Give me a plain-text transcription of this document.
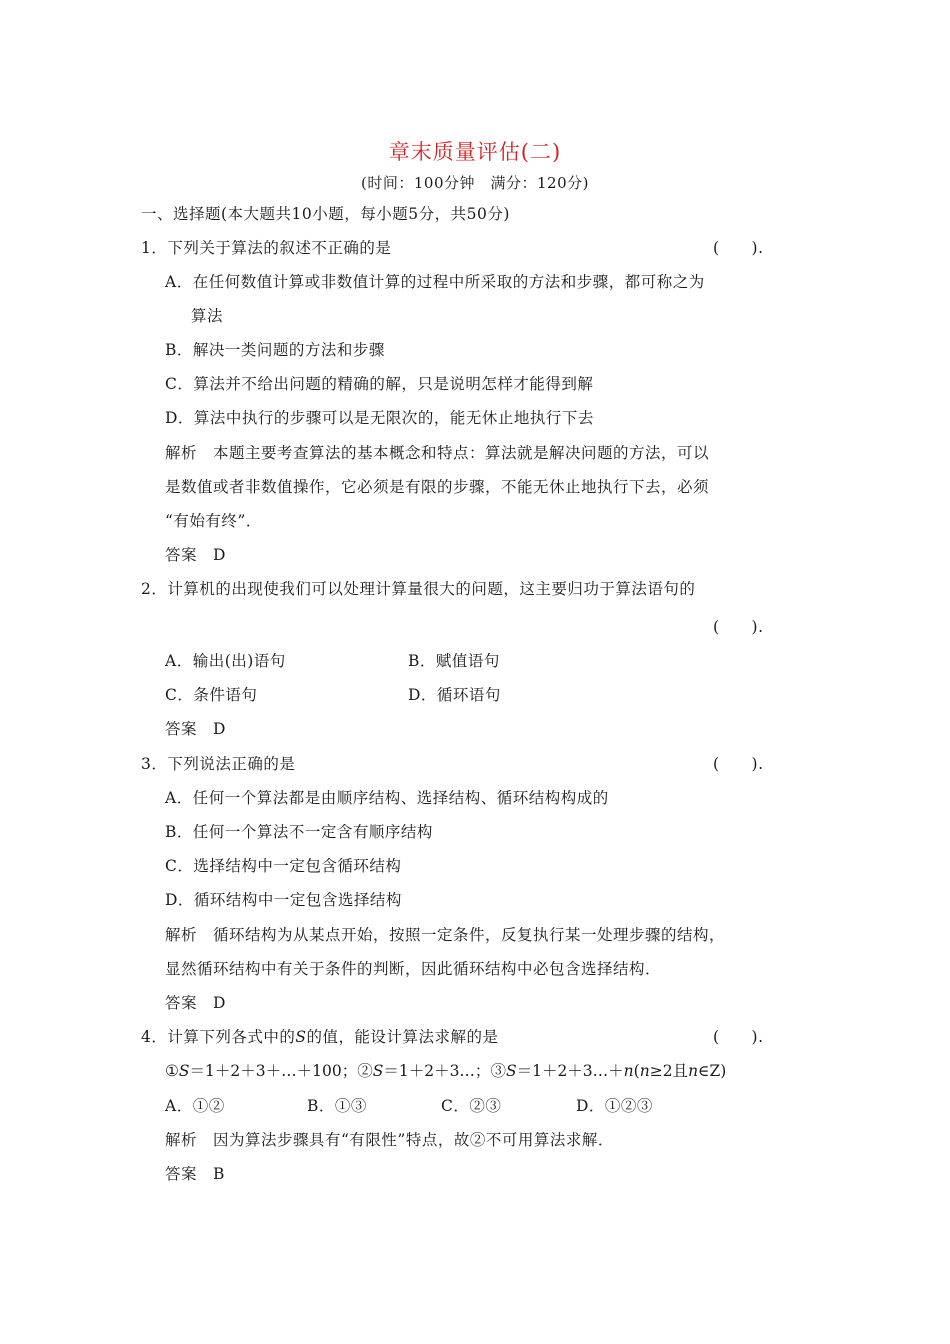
章末质量评估(二)
(时间：100分钟　满分：120分)
一、选择题(本大题共10小题，每小题5分，共50分)
1．下列关于算法的叙述不正确的是	(　　).
A．在任何数值计算或非数值计算的过程中所采取的方法和步骤，都可称之为
算法
B．解决一类问题的方法和步骤
C．算法并不给出问题的精确的解，只是说明怎样才能得到解
D．算法中执行的步骤可以是无限次的，能无休止地执行下去
解析　本题主要考查算法的基本概念和特点：算法就是解决问题的方法，可以
是数值或者非数值操作，它必须是有限的步骤，不能无休止地执行下去，必须
“有始有终”．
答案　D
2．计算机的出现使我们可以处理计算量很大的问题，这主要归功于算法语句的
(　　).
A．输出(出)语句	B．赋值语句
C．条件语句	D．循环语句
答案　D
3．下列说法正确的是	(　　).
A．任何一个算法都是由顺序结构、选择结构、循环结构构成的
B．任何一个算法不一定含有顺序结构
C．选择结构中一定包含循环结构
D．循环结构中一定包含选择结构
解析　循环结构为从某点开始，按照一定条件，反复执行某一处理步骤的结构，
显然循环结构中有关于条件的判断，因此循环结构中必包含选择结构．
答案　D
4．计算下列各式中的S的值，能设计算法求解的是	(　　).
①S＝1＋2＋3＋…＋100；②S＝1＋2＋3…；③S＝1＋2＋3…＋n(n≥2且n∈Z)
A．①②	B．①③	C．②③	D．①②③
解析　因为算法步骤具有“有限性”特点，故②不可用算法求解．
答案　B
